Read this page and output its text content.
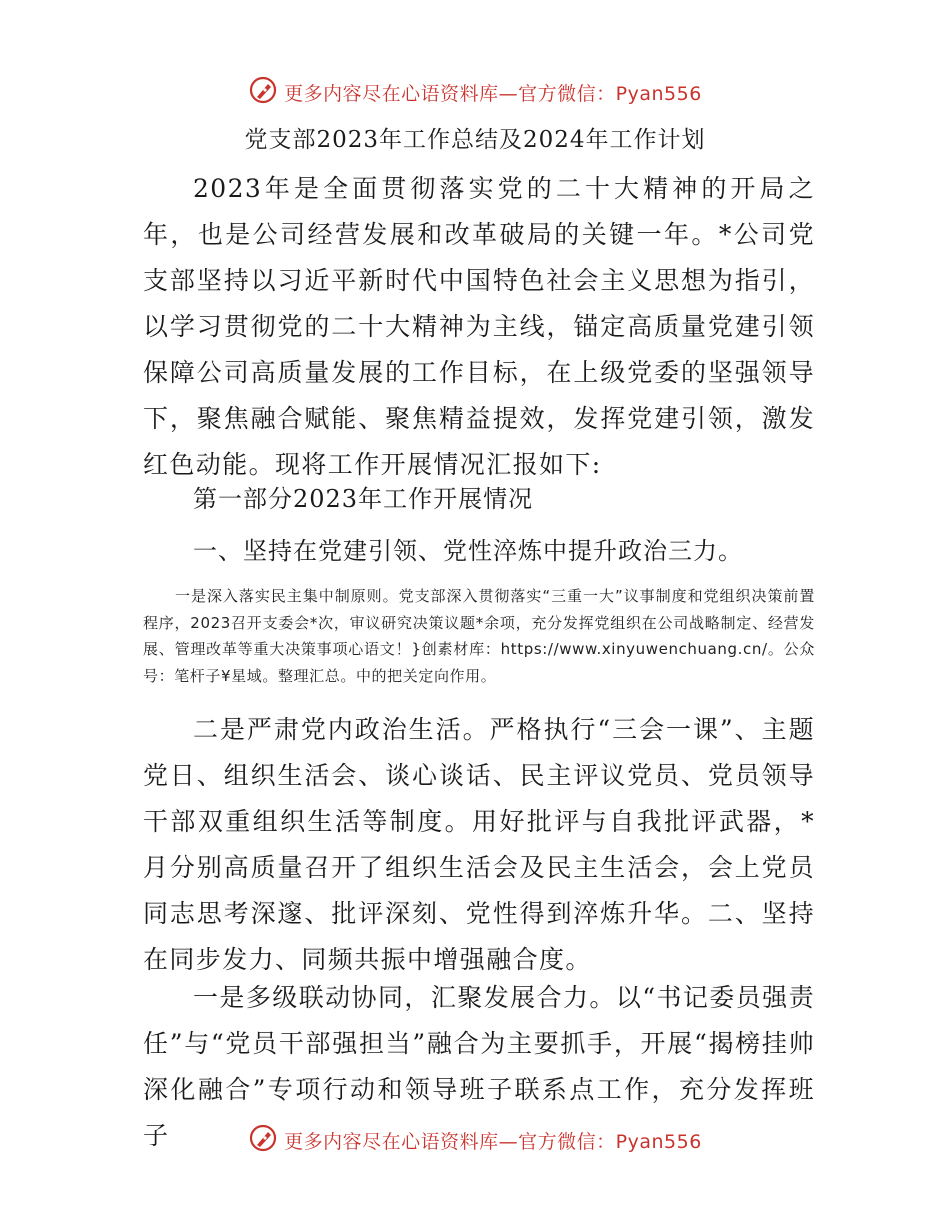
更多内容尽在心语资料库—官方微信：Pyan556
党支部2023年工作总结及2024年工作计划

2023年是全面贯彻落实党的二十大精神的开局之年，也是公司经营发展和改革破局的关键一年。*公司党支部坚持以习近平新时代中国特色社会主义思想为指引，以学习贯彻党的二十大精神为主线，锚定高质量党建引领保障公司高质量发展的工作目标，在上级党委的坚强领导下，聚焦融合赋能、聚焦精益提效，发挥党建引领，激发红色动能。现将工作开展情况汇报如下:

第一部分2023年工作开展情况
一、坚持在党建引领、党性淬炼中提升政治三力。

一是深入落实民主集中制原则。党支部深入贯彻落实“三重一大”议事制度和党组织决策前置程序，2023召开支委会*次，审议研究决策议题*余项，充分发挥党组织在公司战略制定、经营发展、管理改革等重大决策事项心语文！}创素材库：https://www.xinyuwenchuang.cn/。公众号：笔杆子¥星域。整理汇总。中的把关定向作用。

二是严肃党内政治生活。严格执行“三会一课”、主题党日、组织生活会、谈心谈话、民主评议党员、党员领导干部双重组织生活等制度。用好批评与自我批评武器，*月分别高质量召开了组织生活会及民主生活会，会上党员同志思考深邃、批评深刻、党性得到淬炼升华。二、坚持在同步发力、同频共振中增强融合度。

一是多级联动协同，汇聚发展合力。以“书记委员强责任”与“党员干部强担当”融合为主要抓手，开展“揭榜挂帅深化融合”专项行动和领导班子联系点工作，充分发挥班子	更多内容尽在心语资料库—官方微信：Pyan556
